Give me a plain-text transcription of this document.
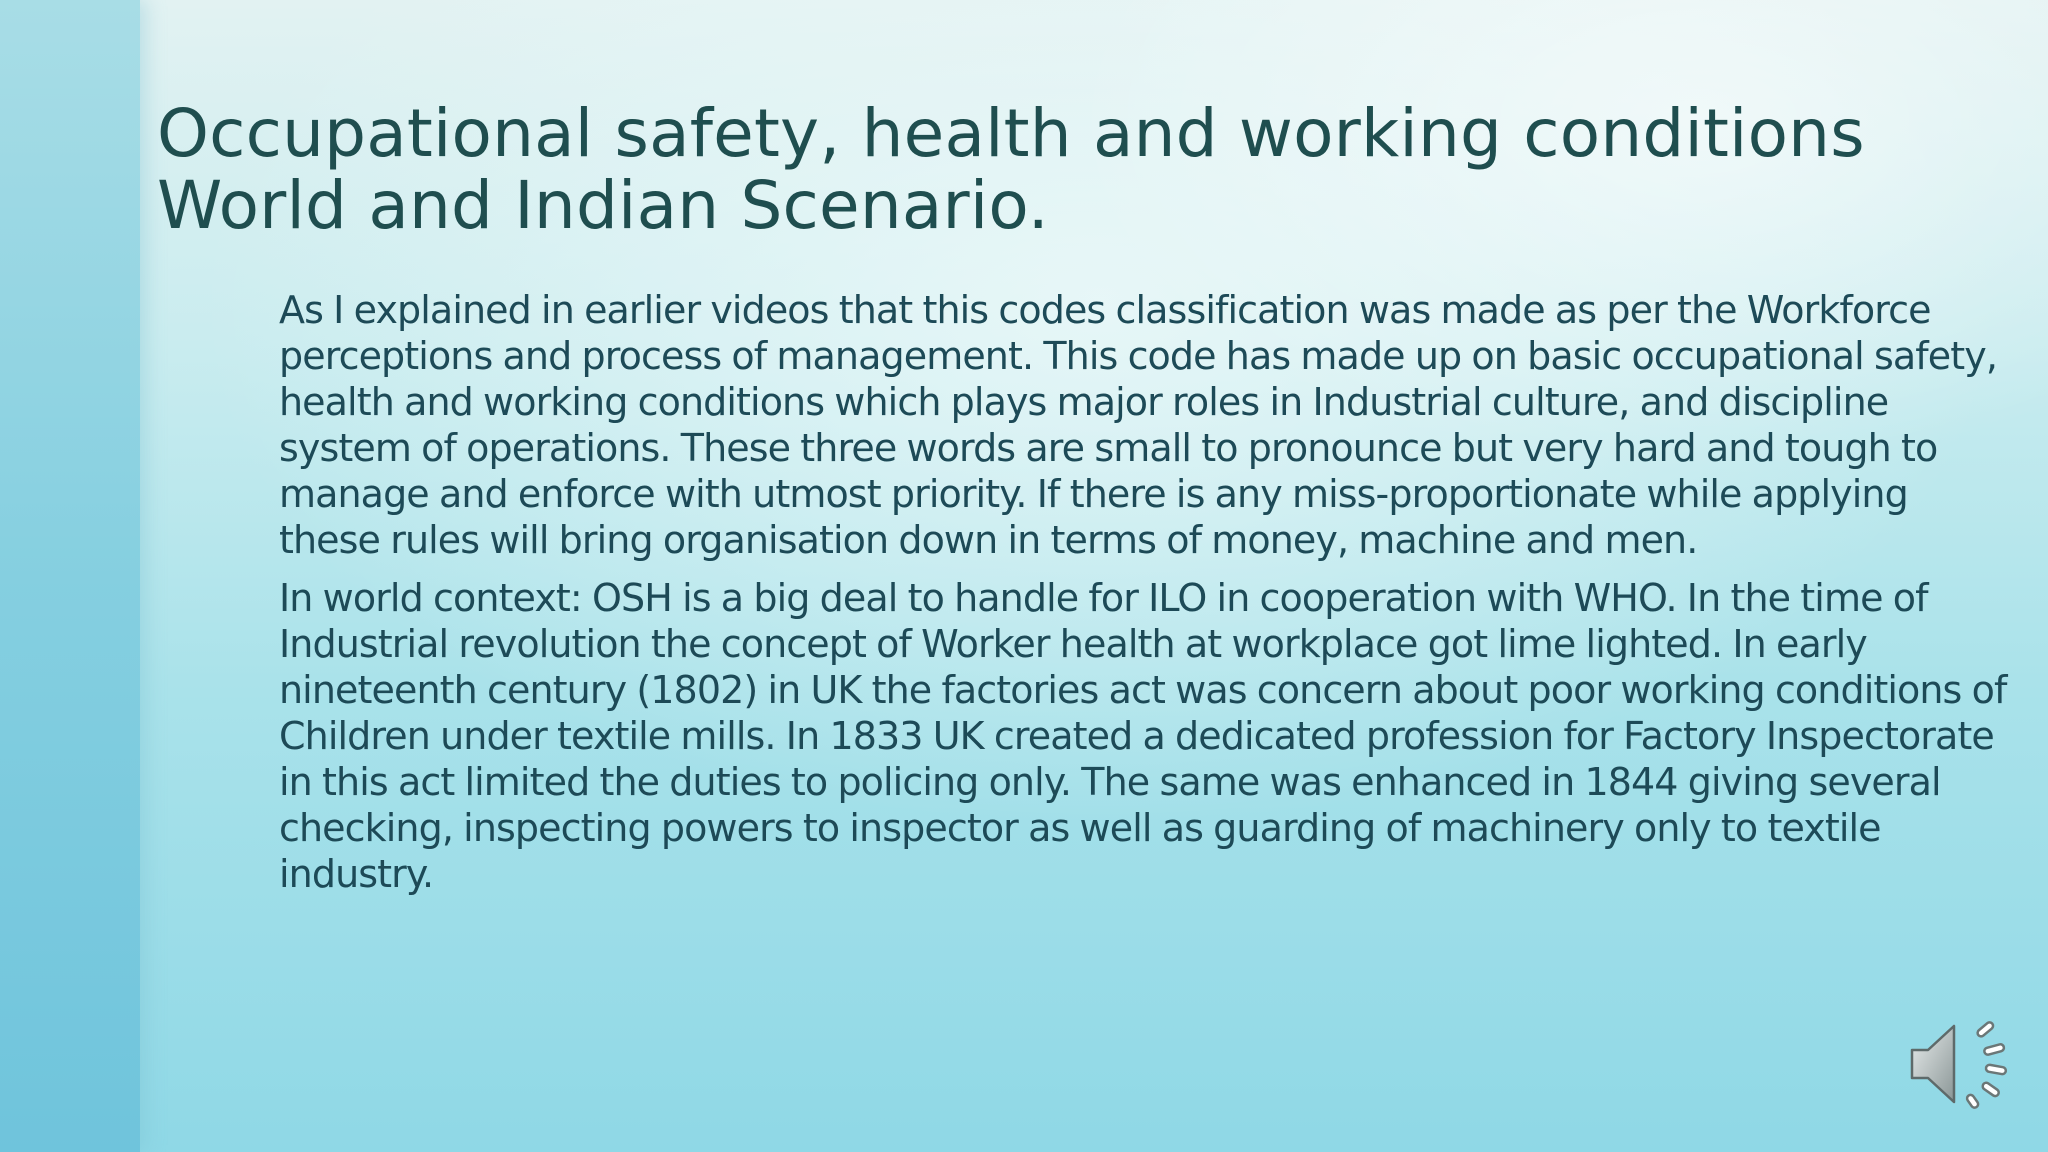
Occupational safety, health and working conditions World and Indian Scenario.

As I explained in earlier videos that this codes classification was made as per the Workforce perceptions and process of management. This code has made up on basic occupational safety, health and working conditions which plays major roles in Industrial culture, and discipline system of operations. These three words are small to pronounce but very hard and tough to manage and enforce with utmost priority. If there is any miss-proportionate while applying these rules will bring organisation down in terms of money, machine and men.

In world context: OSH is a big deal to handle for ILO in cooperation with WHO. In the time of Industrial revolution the concept of Worker health at workplace got lime lighted. In early nineteenth century (1802) in UK the factories act was concern about poor working conditions of Children under textile mills. In 1833 UK created a dedicated profession for Factory Inspectorate in this act limited the duties to policing only. The same was enhanced in 1844 giving several checking, inspecting powers to inspector as well as guarding of machinery only to textile industry.
